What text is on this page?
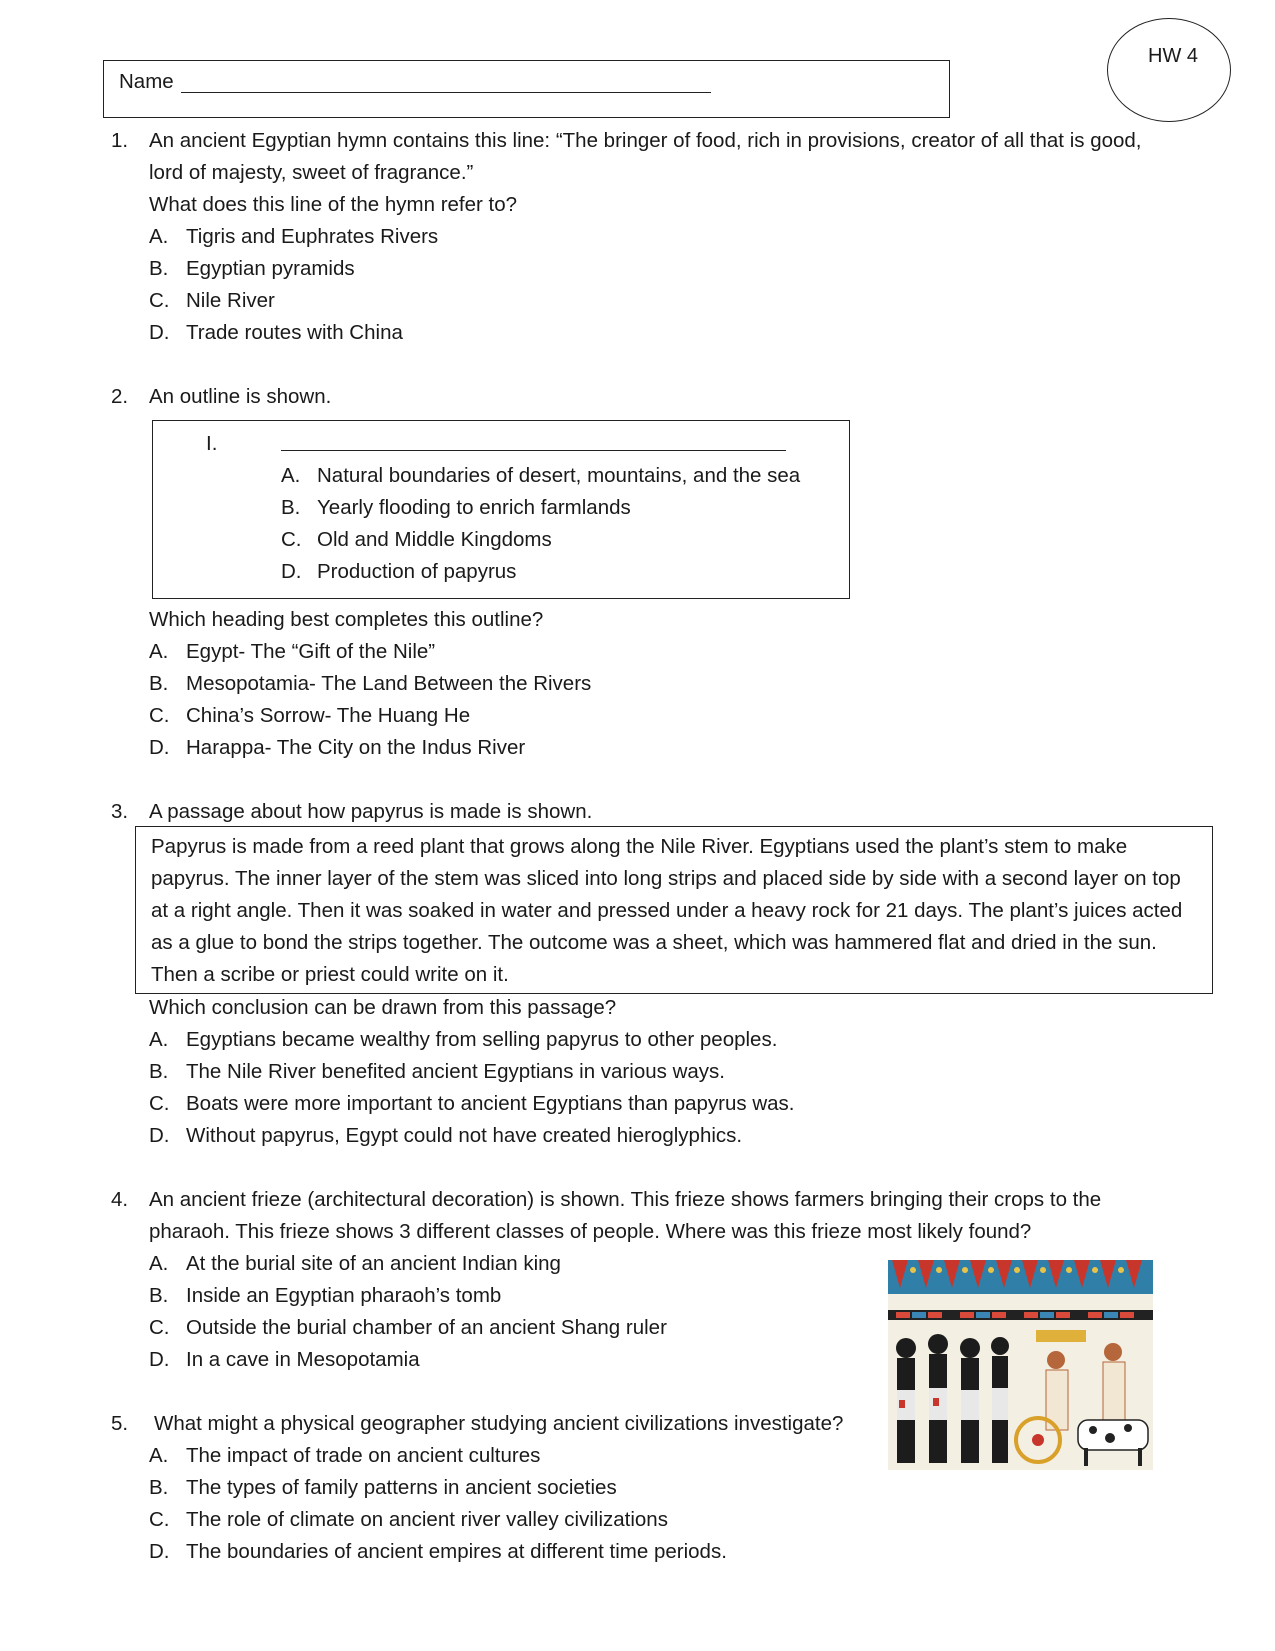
HW 4
Name
1.	An ancient Egyptian hymn contains this line: “The bringer of food, rich in provisions, creator of all that is good,
lord of majesty, sweet of fragrance.”
What does this line of the hymn refer to?
A. Tigris and Euphrates Rivers
B. Egyptian pyramids
C. Nile River
D. Trade routes with China
2.	An outline is shown.
I.
A. Natural boundaries of desert, mountains, and the sea
B. Yearly flooding to enrich farmlands
C. Old and Middle Kingdoms
D. Production of papyrus
Which heading best completes this outline?
A. Egypt- The “Gift of the Nile”
B. Mesopotamia- The Land Between the Rivers
C. China’s Sorrow- The Huang He
D. Harappa- The City on the Indus River
3.	A passage about how papyrus is made is shown.
Papyrus is made from a reed plant that grows along the Nile River. Egyptians used the plant’s stem to make
papyrus. The inner layer of the stem was sliced into long strips and placed side by side with a second layer on top
at a right angle. Then it was soaked in water and pressed under a heavy rock for 21 days. The plant’s juices acted
as a glue to bond the strips together. The outcome was a sheet, which was hammered flat and dried in the sun.
Then a scribe or priest could write on it.
Which conclusion can be drawn from this passage?
A. Egyptians became wealthy from selling papyrus to other peoples.
B. The Nile River benefited ancient Egyptians in various ways.
C. Boats were more important to ancient Egyptians than papyrus was.
D. Without papyrus, Egypt could not have created hieroglyphics.
4.	An ancient frieze (architectural decoration) is shown. This frieze shows farmers bringing their crops to the
pharaoh. This frieze shows 3 different classes of people. Where was this frieze most likely found?
A. At the burial site of an ancient Indian king
B. Inside an Egyptian pharaoh’s tomb
C. Outside the burial chamber of an ancient Shang ruler
D. In a cave in Mesopotamia
5.	What might a physical geographer studying ancient civilizations investigate?
A. The impact of trade on ancient cultures
B. The types of family patterns in ancient societies
C. The role of climate on ancient river valley civilizations
D. The boundaries of ancient empires at different time periods.
